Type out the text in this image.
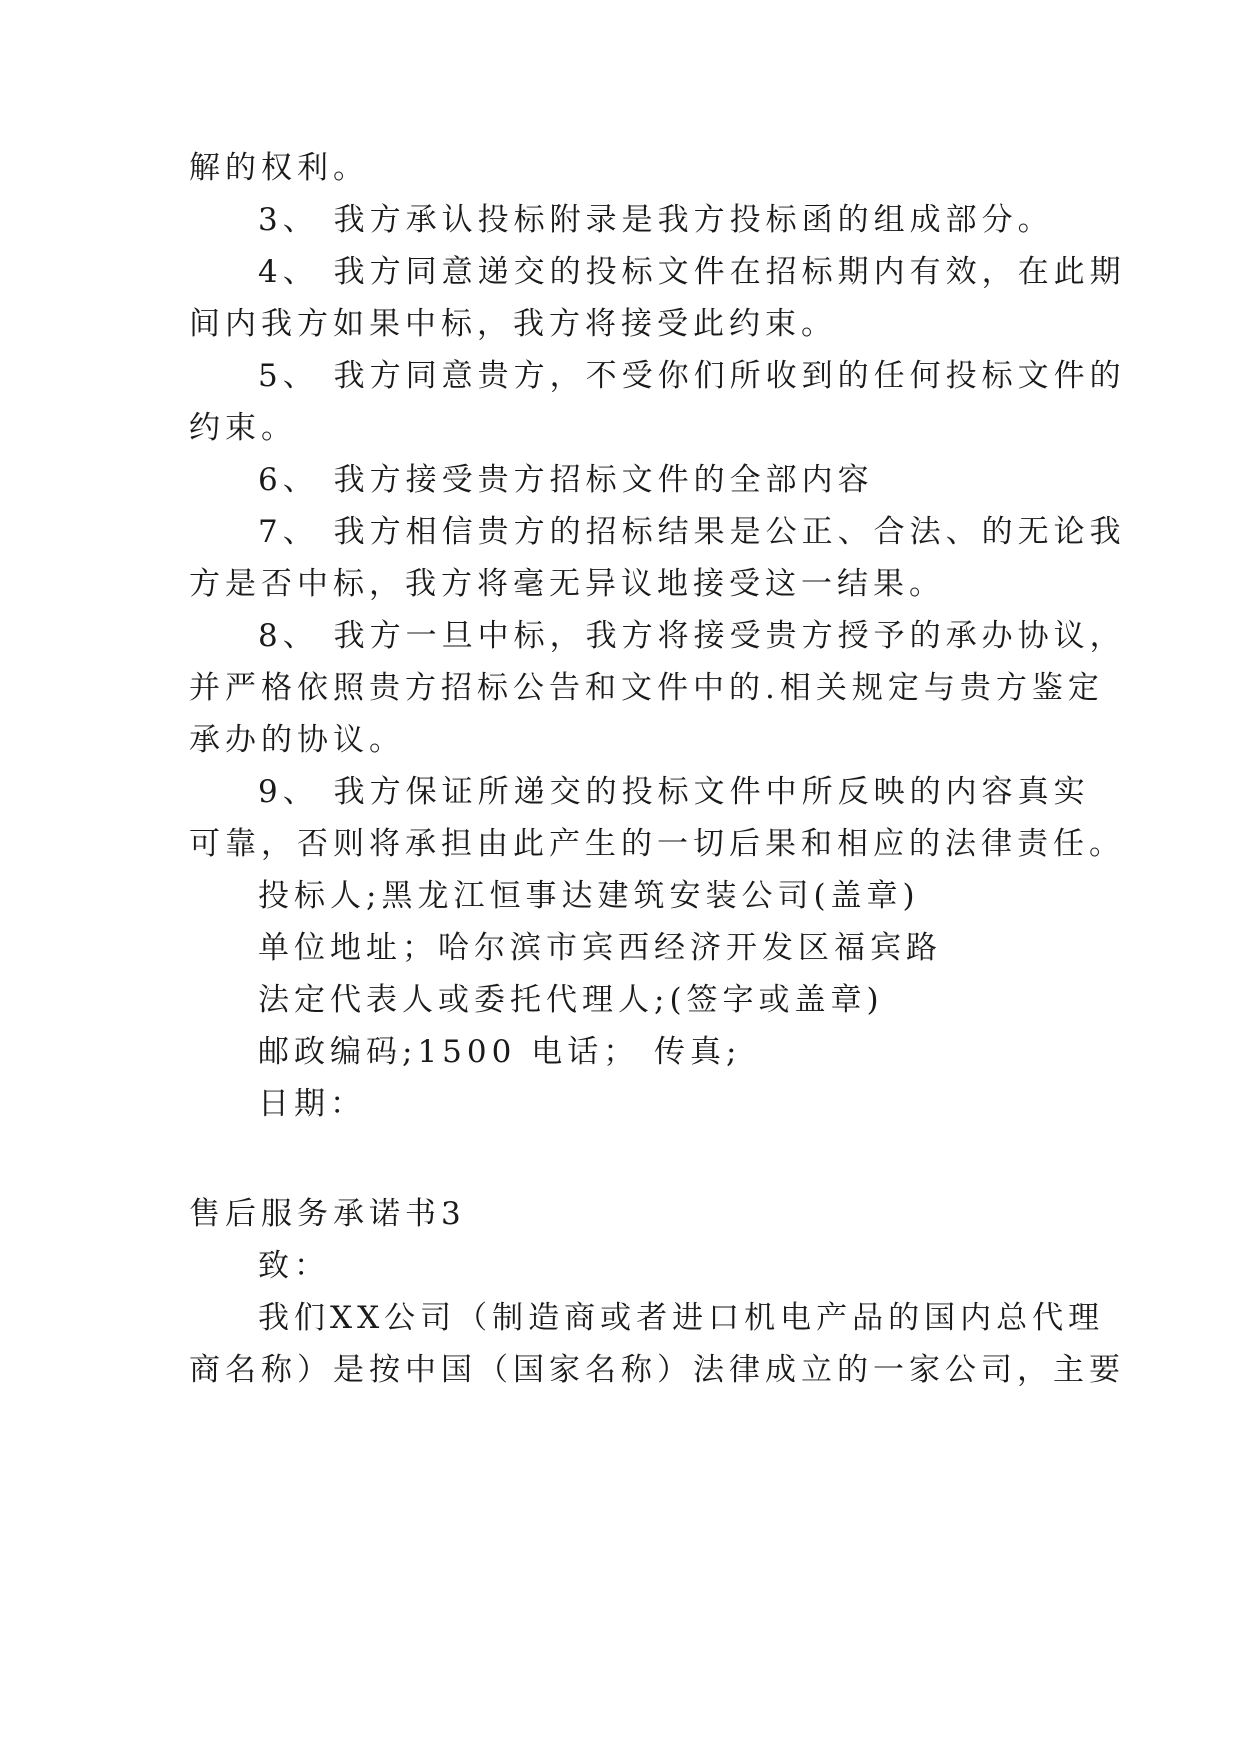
解的权利。
3、 我方承认投标附录是我方投标函的组成部分。
4、 我方同意递交的投标文件在招标期内有效，在此期
间内我方如果中标，我方将接受此约束。
5、 我方同意贵方，不受你们所收到的任何投标文件的
约束。
6、 我方接受贵方招标文件的全部内容
7、 我方相信贵方的招标结果是公正、合法、的无论我
方是否中标，我方将毫无异议地接受这一结果。
8、 我方一旦中标，我方将接受贵方授予的承办协议，
并严格依照贵方招标公告和文件中的.相关规定与贵方鉴定
承办的协议。
9、 我方保证所递交的投标文件中所反映的内容真实
可靠，否则将承担由此产生的一切后果和相应的法律责任。
投标人;黑龙江恒事达建筑安装公司(盖章)
单位地址；哈尔滨市宾西经济开发区福宾路
法定代表人或委托代理人;(签字或盖章)
邮政编码;1500 电话； 传真;
日期：
售后服务承诺书3
致：
我们XX公司（制造商或者进口机电产品的国内总代理
商名称）是按中国（国家名称）法律成立的一家公司，主要
